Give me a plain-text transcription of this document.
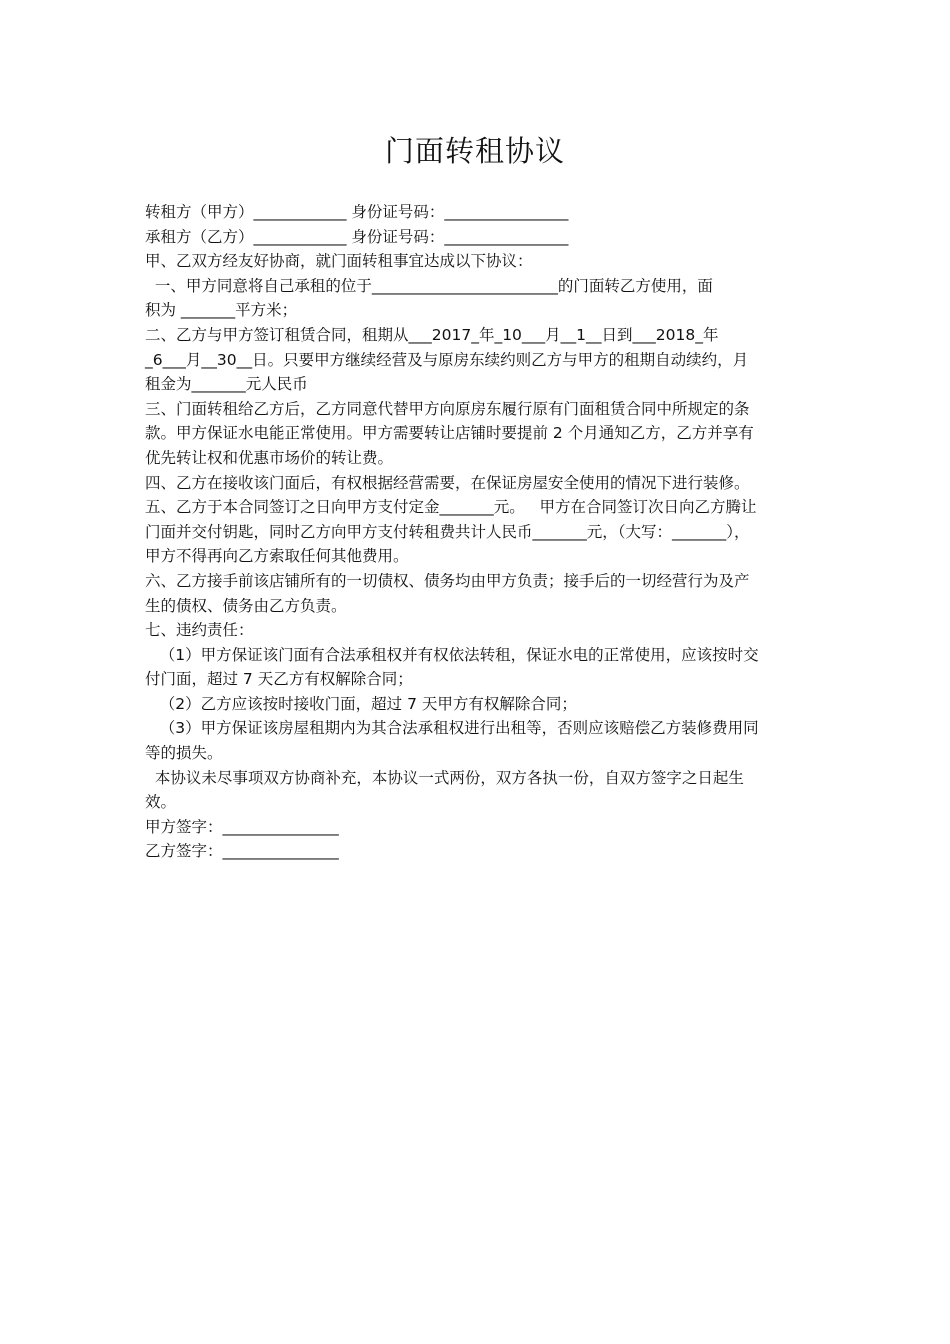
门面转租协议
转租方（甲方）____________ 身份证号码：________________
承租方（乙方）____________ 身份证号码：________________
甲、乙双方经友好协商，就门面转租事宜达成以下协议：
一、甲方同意将自己承租的位于________________________的门面转乙方使用，面
积为 _______平方米；
二、乙方与甲方签订租赁合同，租期从___2017_年_10___月__1__日到___2018_年
_6___月__30__日。只要甲方继续经营及与原房东续约则乙方与甲方的租期自动续约，月
租金为_______元人民币
三、门面转租给乙方后，乙方同意代替甲方向原房东履行原有门面租赁合同中所规定的条
款。甲方保证水电能正常使用。甲方需要转让店铺时要提前 2 个月通知乙方，乙方并享有
优先转让权和优惠市场价的转让费。
四、乙方在接收该门面后，有权根据经营需要，在保证房屋安全使用的情况下进行装修。
五、乙方于本合同签订之日向甲方支付定金_______元。   甲方在合同签订次日向乙方腾让
门面并交付钥匙，同时乙方向甲方支付转租费共计人民币_______元，（大写：_______），
甲方不得再向乙方索取任何其他费用。
六、乙方接手前该店铺所有的一切债权、债务均由甲方负责；接手后的一切经营行为及产
生的债权、债务由乙方负责。
七、违约责任：
（1）甲方保证该门面有合法承租权并有权依法转租，保证水电的正常使用，应该按时交
付门面，超过 7 天乙方有权解除合同；
（2）乙方应该按时接收门面，超过 7 天甲方有权解除合同；
（3）甲方保证该房屋租期内为其合法承租权进行出租等，否则应该赔偿乙方装修费用同
等的损失。
本协议未尽事项双方协商补充，本协议一式两份，双方各执一份，自双方签字之日起生
效。
甲方签字：_______________
乙方签字：_______________
